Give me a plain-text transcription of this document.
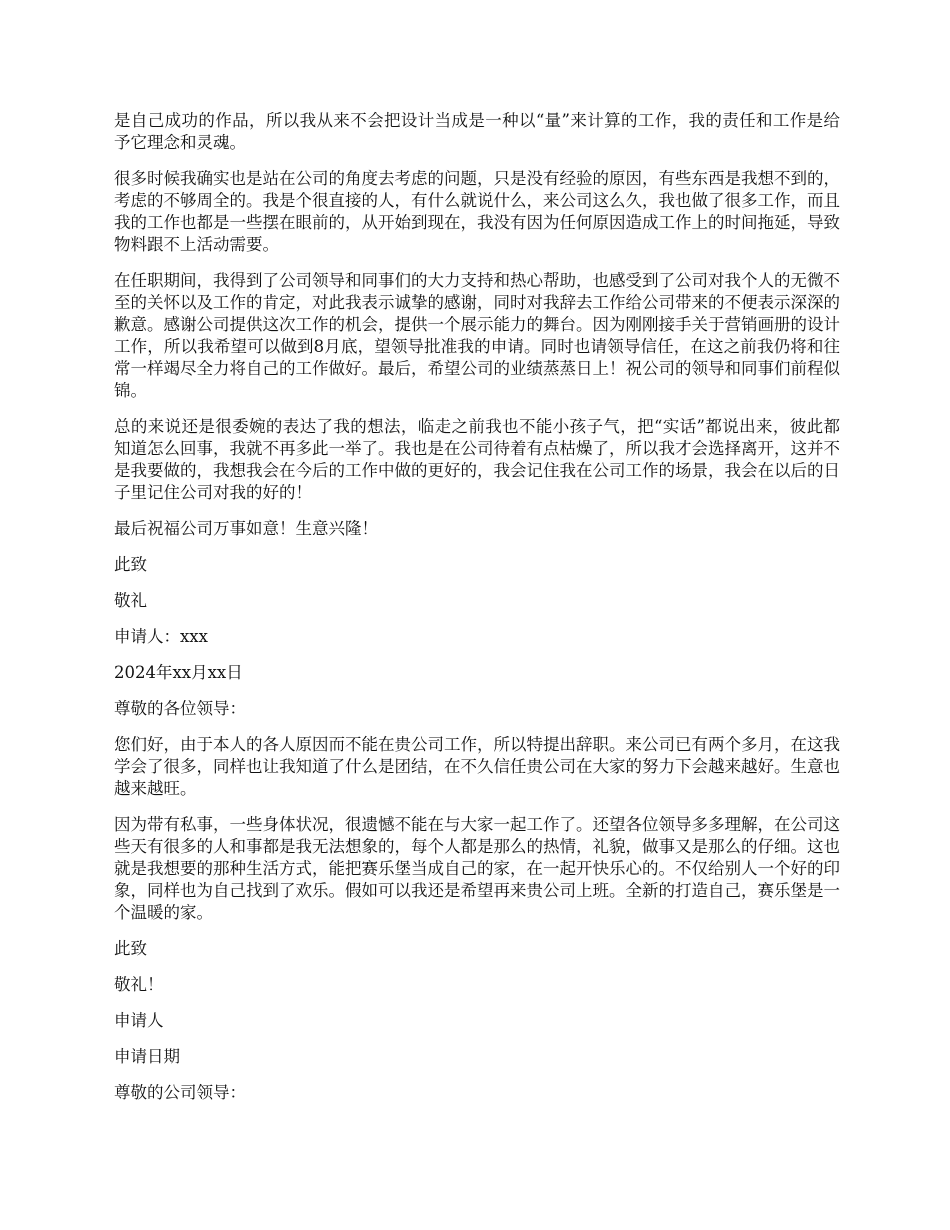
是自己成功的作品，所以我从来不会把设计当成是一种以“量”来计算的工作，我的责任和工作是给予它理念和灵魂。

很多时候我确实也是站在公司的角度去考虑的问题，只是没有经验的原因，有些东西是我想不到的，考虑的不够周全的。我是个很直接的人，有什么就说什么，来公司这么久，我也做了很多工作，而且我的工作也都是一些摆在眼前的，从开始到现在，我没有因为任何原因造成工作上的时间拖延，导致物料跟不上活动需要。

在任职期间，我得到了公司领导和同事们的大力支持和热心帮助，也感受到了公司对我个人的无微不至的关怀以及工作的肯定，对此我表示诚挚的感谢，同时对我辞去工作给公司带来的不便表示深深的歉意。感谢公司提供这次工作的机会，提供一个展示能力的舞台。因为刚刚接手关于营销画册的设计工作，所以我希望可以做到8月底，望领导批准我的申请。同时也请领导信任，在这之前我仍将和往常一样竭尽全力将自己的工作做好。最后，希望公司的业绩蒸蒸日上！祝公司的领导和同事们前程似锦。

总的来说还是很委婉的表达了我的想法，临走之前我也不能小孩子气，把“实话”都说出来，彼此都知道怎么回事，我就不再多此一举了。我也是在公司待着有点枯燥了，所以我才会选择离开，这并不是我要做的，我想我会在今后的工作中做的更好的，我会记住我在公司工作的场景，我会在以后的日子里记住公司对我的好的！

最后祝福公司万事如意！生意兴隆！

此致

敬礼

申请人：xxx

2024年xx月xx日

尊敬的各位领导：

您们好，由于本人的各人原因而不能在贵公司工作，所以特提出辞职。来公司已有两个多月，在这我学会了很多，同样也让我知道了什么是团结，在不久信任贵公司在大家的努力下会越来越好。生意也越来越旺。

因为带有私事，一些身体状况，很遗憾不能在与大家一起工作了。还望各位领导多多理解，在公司这些天有很多的人和事都是我无法想象的，每个人都是那么的热情，礼貌，做事又是那么的仔细。这也就是我想要的那种生活方式，能把赛乐堡当成自己的家，在一起开快乐心的。不仅给别人一个好的印象，同样也为自己找到了欢乐。假如可以我还是希望再来贵公司上班。全新的打造自己，赛乐堡是一个温暖的家。

此致

敬礼！

申请人

申请日期

尊敬的公司领导：
